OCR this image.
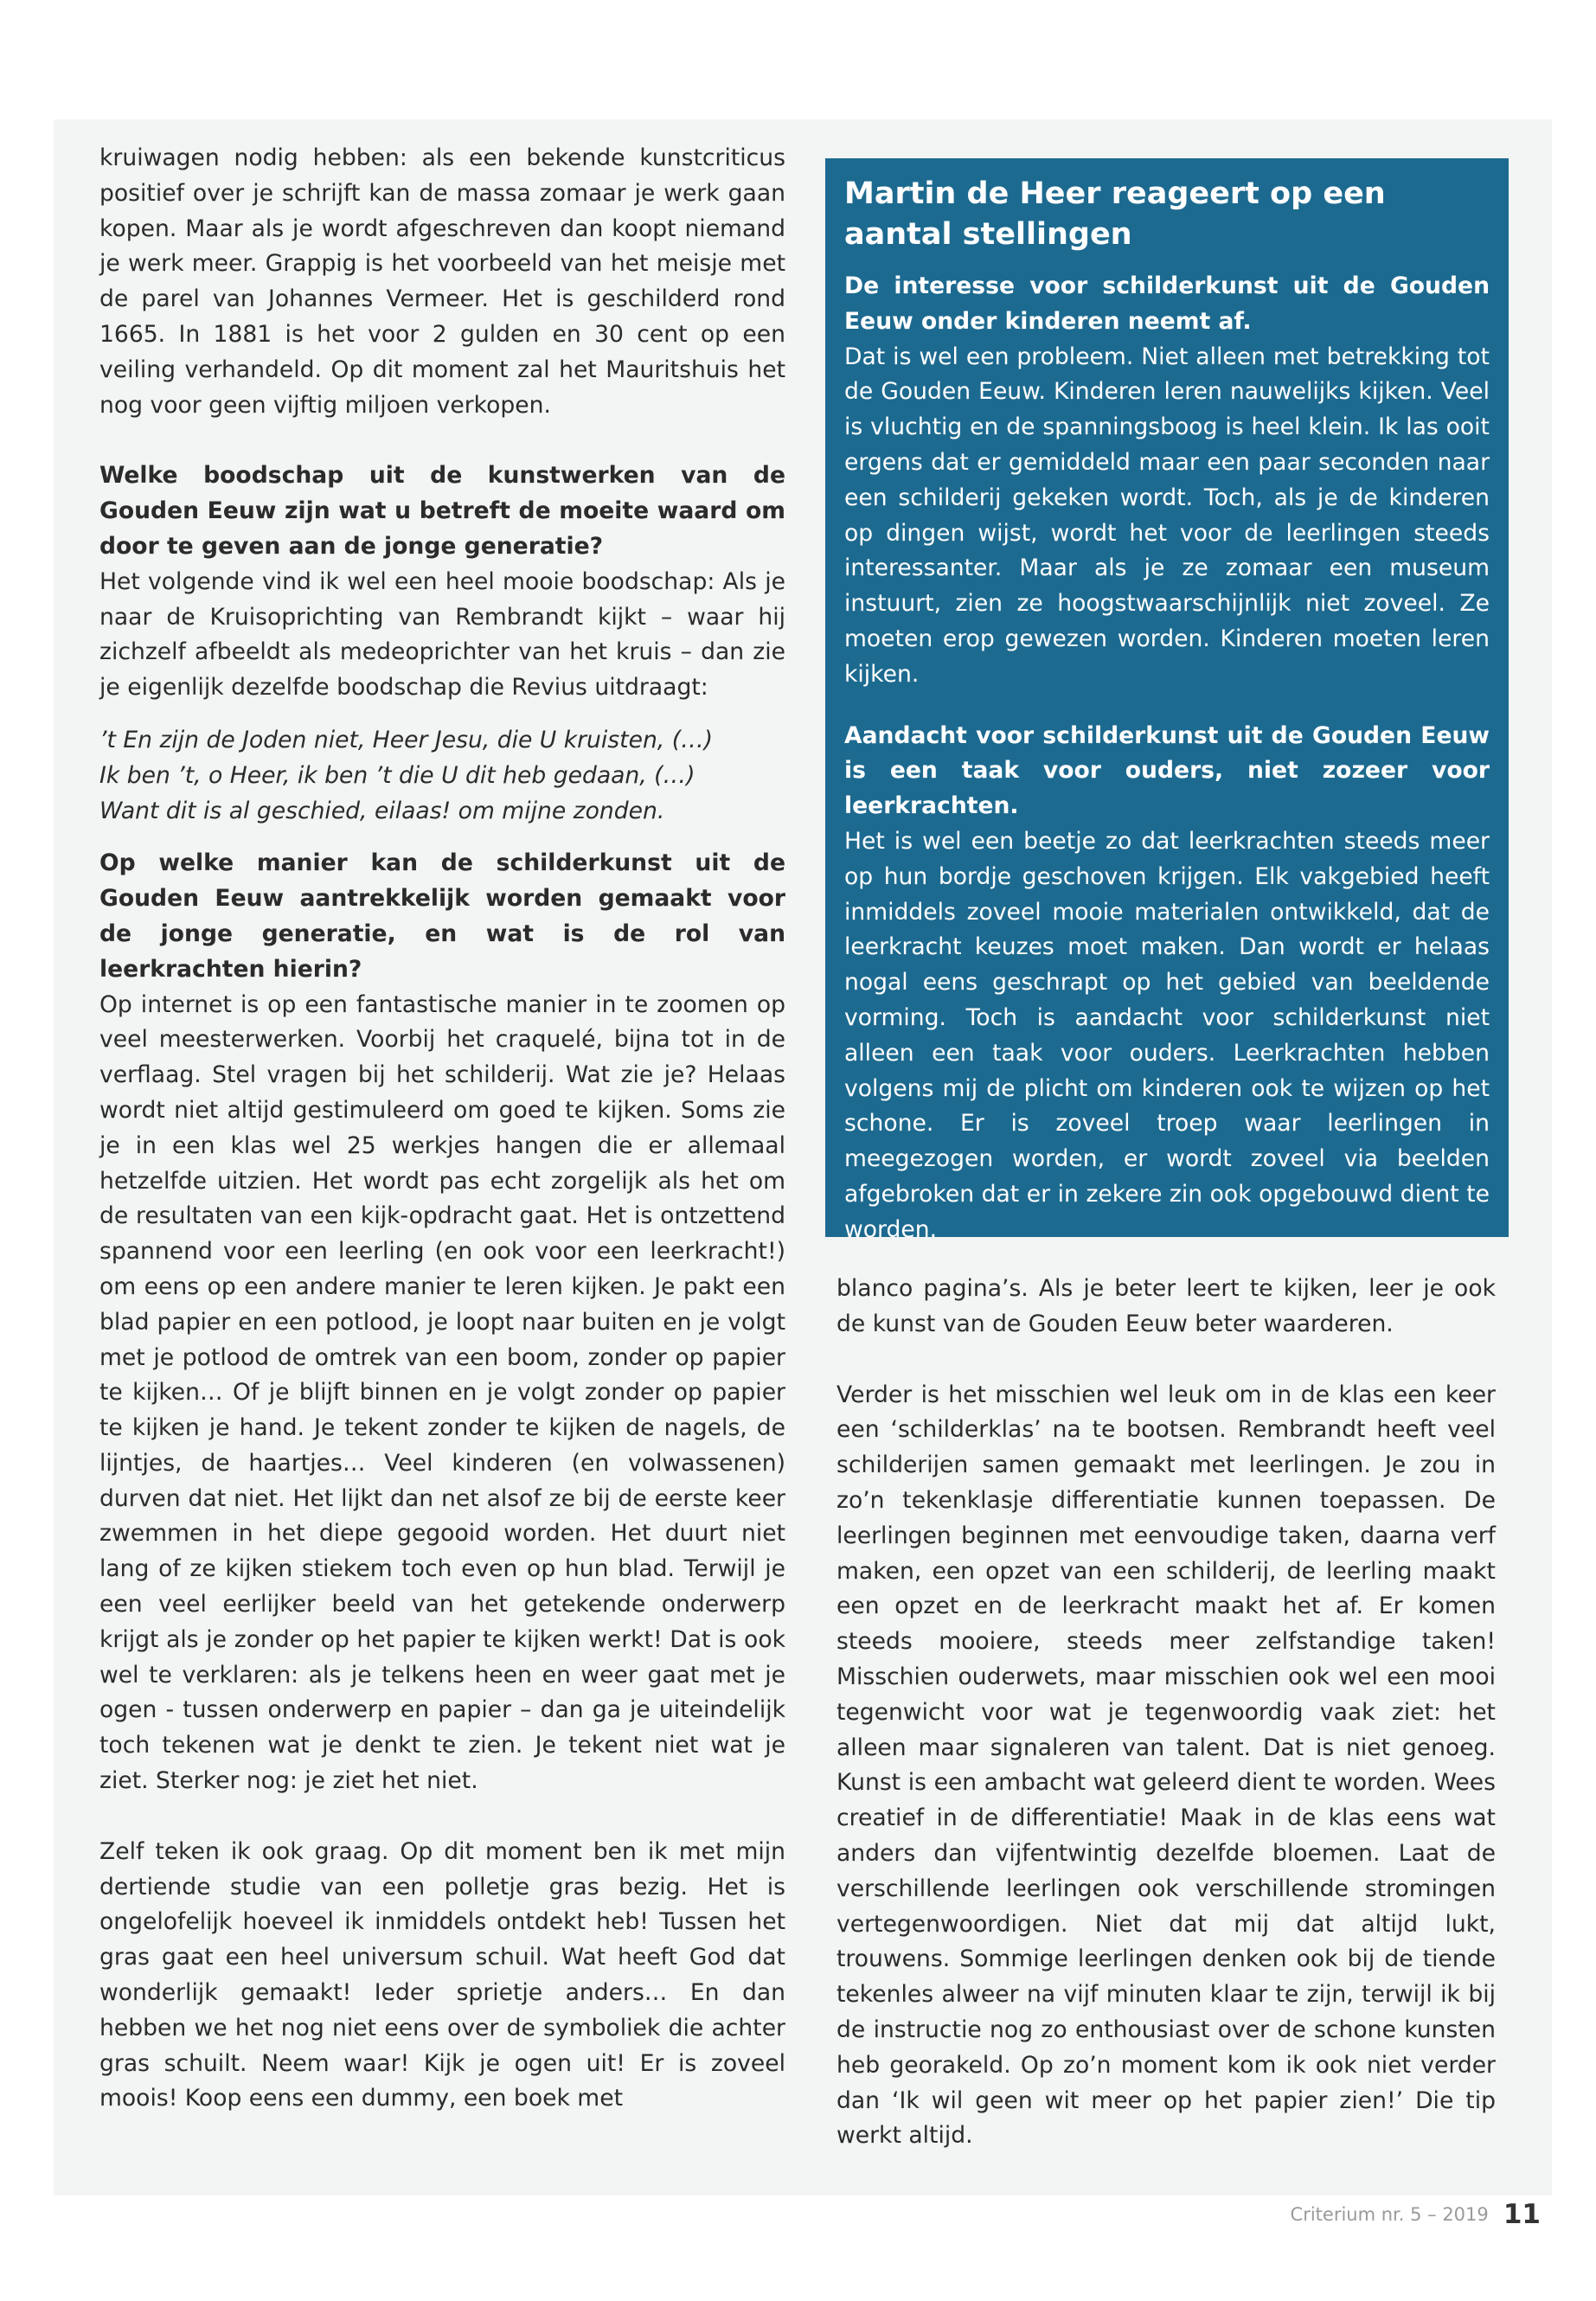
kruiwagen nodig hebben: als een bekende kunstcriticus positief over je schrijft kan de massa zomaar je werk gaan kopen. Maar als je wordt afgeschreven dan koopt niemand je werk meer. Grappig is het voorbeeld van het meisje met de parel van Johannes Vermeer. Het is geschilderd rond 1665. In 1881 is het voor 2 gulden en 30 cent op een veiling verhandeld. Op dit moment zal het Mauritshuis het nog voor geen vijftig miljoen verkopen.

Welke boodschap uit de kunstwerken van de Gouden Eeuw zijn wat u betreft de moeite waard om door te geven aan de jonge generatie?

Het volgende vind ik wel een heel mooie boodschap: Als je naar de Kruisoprichting van Rembrandt kijkt – waar hij zichzelf afbeeldt als medeoprichter van het kruis – dan zie je eigenlijk dezelfde boodschap die Revius uitdraagt:

’t En zijn de Joden niet, Heer Jesu, die U kruisten, (…)

Ik ben ’t, o Heer, ik ben ’t die U dit heb gedaan, (…)

Want dit is al geschied, eilaas! om mijne zonden.

Op welke manier kan de schilderkunst uit de Gouden Eeuw aantrekkelijk worden gemaakt voor de jonge generatie, en wat is de rol van leerkrachten hierin?

Op internet is op een fantastische manier in te zoomen op veel meesterwerken. Voorbij het craquelé, bijna tot in de verflaag. Stel vragen bij het schilderij. Wat zie je? Helaas wordt niet altijd gestimuleerd om goed te kijken. Soms zie je in een klas wel 25 werkjes hangen die er allemaal hetzelfde uitzien. Het wordt pas echt zorgelijk als het om de resultaten van een kijk-opdracht gaat. Het is ontzettend spannend voor een leerling (en ook voor een leerkracht!) om eens op een andere manier te leren kijken. Je pakt een blad papier en een potlood, je loopt naar buiten en je volgt met je potlood de omtrek van een boom, zonder op papier te kijken… Of je blijft binnen en je volgt zonder op papier te kijken je hand. Je tekent zonder te kijken de nagels, de lijntjes, de haartjes… Veel kinderen (en volwassenen) durven dat niet. Het lijkt dan net alsof ze bij de eerste keer zwemmen in het diepe gegooid worden. Het duurt niet lang of ze kijken stiekem toch even op hun blad. Terwijl je een veel eerlijker beeld van het getekende onderwerp krijgt als je zonder op het papier te kijken werkt! Dat is ook wel te verklaren: als je telkens heen en weer gaat met je ogen - tussen onderwerp en papier – dan ga je uiteindelijk toch tekenen wat je denkt te zien. Je tekent niet wat je ziet. Sterker nog: je ziet het niet.

Zelf teken ik ook graag. Op dit moment ben ik met mijn dertiende studie van een polletje gras bezig. Het is ongelofelijk hoeveel ik inmiddels ontdekt heb! Tussen het gras gaat een heel universum schuil. Wat heeft God dat wonderlijk gemaakt! Ieder sprietje anders… En dan hebben we het nog niet eens over de symboliek die achter gras schuilt. Neem waar! Kijk je ogen uit! Er is zoveel moois! Koop eens een dummy, een boek met

Martin de Heer reageert op een aantal stellingen

De interesse voor schilderkunst uit de Gouden Eeuw onder kinderen neemt af.

Dat is wel een probleem. Niet alleen met betrekking tot de Gouden Eeuw. Kinderen leren nauwelijks kijken. Veel is vluchtig en de spanningsboog is heel klein. Ik las ooit ergens dat er gemiddeld maar een paar seconden naar een schilderij gekeken wordt. Toch, als je de kinderen op dingen wijst, wordt het voor de leerlingen steeds interessanter. Maar als je ze zomaar een museum instuurt, zien ze hoogstwaarschijnlijk niet zoveel. Ze moeten erop gewezen worden. Kinderen moeten leren kijken.

Aandacht voor schilderkunst uit de Gouden Eeuw is een taak voor ouders, niet zozeer voor leerkrachten.

Het is wel een beetje zo dat leerkrachten steeds meer op hun bordje geschoven krijgen. Elk vakgebied heeft inmiddels zoveel mooie materialen ontwikkeld, dat de leerkracht keuzes moet maken. Dan wordt er helaas nogal eens geschrapt op het gebied van beeldende vorming. Toch is aandacht voor schilderkunst niet alleen een taak voor ouders. Leerkrachten hebben volgens mij de plicht om kinderen ook te wijzen op het schone. Er is zoveel troep waar leerlingen in meegezogen worden, er wordt zoveel via beelden afgebroken dat er in zekere zin ook opgebouwd dient te worden.

blanco pagina’s. Als je beter leert te kijken, leer je ook de kunst van de Gouden Eeuw beter waarderen.

Verder is het misschien wel leuk om in de klas een keer een ‘schilderklas’ na te bootsen. Rembrandt heeft veel schilderijen samen gemaakt met leerlingen. Je zou in zo’n tekenklasje differentiatie kunnen toepassen. De leerlingen beginnen met eenvoudige taken, daarna verf maken, een opzet van een schilderij, de leerling maakt een opzet en de leerkracht maakt het af. Er komen steeds mooiere, steeds meer zelfstandige taken! Misschien ouderwets, maar misschien ook wel een mooi tegenwicht voor wat je tegenwoordig vaak ziet: het alleen maar signaleren van talent. Dat is niet genoeg. Kunst is een ambacht wat geleerd dient te worden. Wees creatief in de differentiatie! Maak in de klas eens wat anders dan vijfentwintig dezelfde bloemen. Laat de verschillende leerlingen ook verschillende stromingen vertegenwoordigen. Niet dat mij dat altijd lukt, trouwens. Sommige leerlingen denken ook bij de tiende tekenles alweer na vijf minuten klaar te zijn, terwijl ik bij de instructie nog zo enthousiast over de schone kunsten heb georakeld. Op zo’n moment kom ik ook niet verder dan ‘Ik wil geen wit meer op het papier zien!’ Die tip werkt altijd.

Criterium nr. 5 – 2019 11
